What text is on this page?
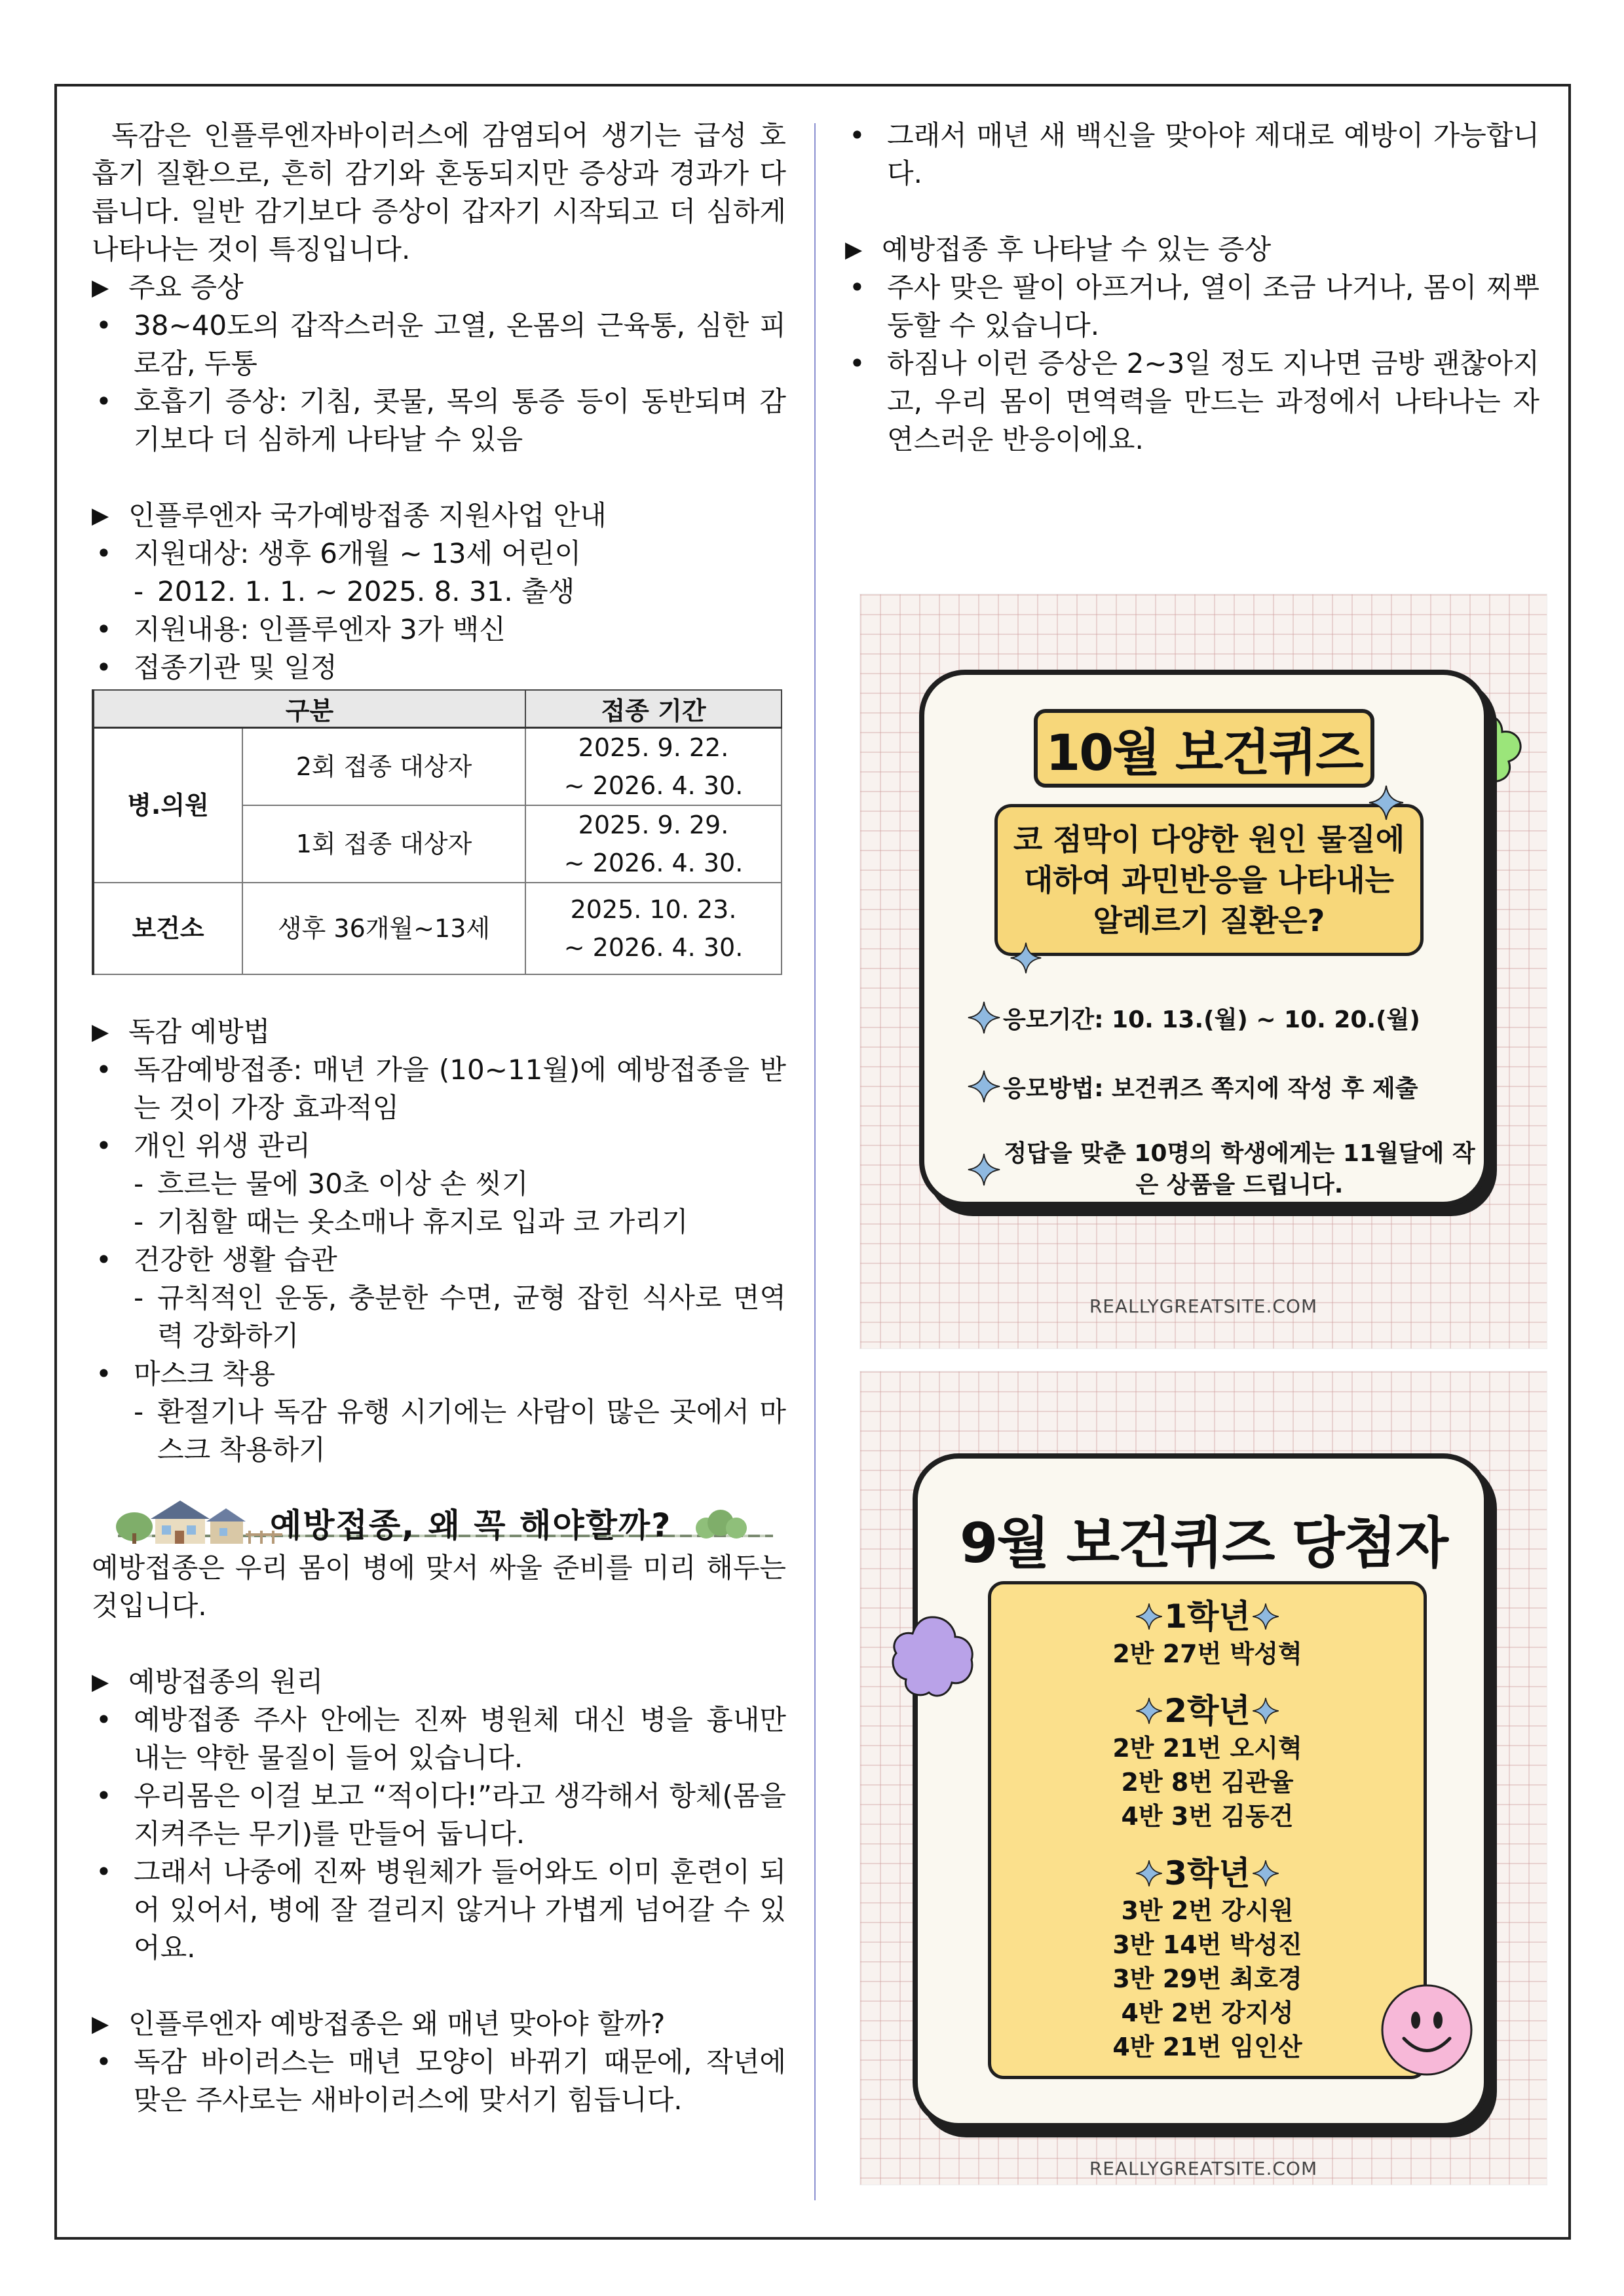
독감은 인플루엔자바이러스에 감염되어 생기는 급성 호흡기 질환으로, 흔히 감기와 혼동되지만 증상과 경과가 다릅니다. 일반 감기보다 증상이 갑자기 시작되고 더 심하게 나타나는 것이 특징입니다.

▶ 주요 증상
• 38~40도의 갑작스러운 고열, 온몸의 근육통, 심한 피로감, 두통
• 호흡기 증상: 기침, 콧물, 목의 통증 등이 동반되며 감기보다 더 심하게 나타날 수 있음
▶ 인플루엔자 국가예방접종 지원사업 안내
• 지원대상: 생후 6개월 ~ 13세 어린이
- 2012. 1. 1. ~ 2025. 8. 31. 출생
• 지원내용: 인플루엔자 3가 백신
• 접종기관 및 일정
구분		접종 기간
병.의원	2회 접종 대상자	2025. 9. 22.
~ 2026. 4. 30.

	1회 접종 대상자	2025. 9. 29.
~ 2026. 4. 30.

보건소	생후 36개월~13세	2025. 10. 23.
~ 2026. 4. 30.
▶ 독감 예방법
• 독감예방접종: 매년 가을 (10~11월)에 예방접종을 받는 것이 가장 효과적임
• 개인 위생 관리
- 흐르는 물에 30초 이상 손 씻기
- 기침할 때는 옷소매나 휴지로 입과 코 가리기
• 건강한 생활 습관
- 규칙적인 운동, 충분한 수면, 균형 잡힌 식사로 면역력 강화하기
• 마스크 착용
- 환절기나 독감 유행 시기에는 사람이 많은 곳에서 마스크 착용하기
예방접종, 왜 꼭 해야할까?

예방접종은 우리 몸이 병에 맞서 싸울 준비를 미리 해두는 것입니다.

▶ 예방접종의 원리
• 예방접종 주사 안에는 진짜 병원체 대신 병을 흉내만 내는 약한 물질이 들어 있습니다.
• 우리몸은 이걸 보고 “적이다!”라고 생각해서 항체(몸을 지켜주는 무기)를 만들어 둡니다.
• 그래서 나중에 진짜 병원체가 들어와도 이미 훈련이 되어 있어서, 병에 잘 걸리지 않거나 가볍게 넘어갈 수 있어요.
▶ 인플루엔자 예방접종은 왜 매년 맞아야 할까?
• 독감 바이러스는 매년 모양이 바뀌기 때문에, 작년에 맞은 주사로는 새바이러스에 맞서기 힘듭니다.
• 그래서 매년 새 백신을 맞아야 제대로 예방이 가능합니다.
▶ 예방접종 후 나타날 수 있는 증상
• 주사 맞은 팔이 아프거나, 열이 조금 나거나, 몸이 찌뿌둥할 수 있습니다.
• 하짐나 이런 증상은 2~3일 정도 지나면 금방 괜찮아지고, 우리 몸이 면역력을 만드는 과정에서 나타나는 자연스러운 반응이에요.
10월 보건퀴즈
코 점막이 다양한 원인 물질에 대하여 과민반응을 나타내는 알레르기 질환은?
응모기간: 10. 13.(월) ~ 10. 20.(월)
응모방법: 보건퀴즈 쪽지에 작성 후 제출
정답을 맞춘 10명의 학생에게는 11월달에 작은 상품을 드립니다.
REALLYGREATSITE.COM
9월 보건퀴즈 당첨자
1학년
2반 27번 박성혁
2학년
2반 21번 오시혁
2반 8번 김관율
4반 3번 김동건
3학년
3반 2번 강시원
3반 14번 박성진
3반 29번 최호경
4반 2번 강지성
4반 21번 임인산
REALLYGREATSITE.COM
